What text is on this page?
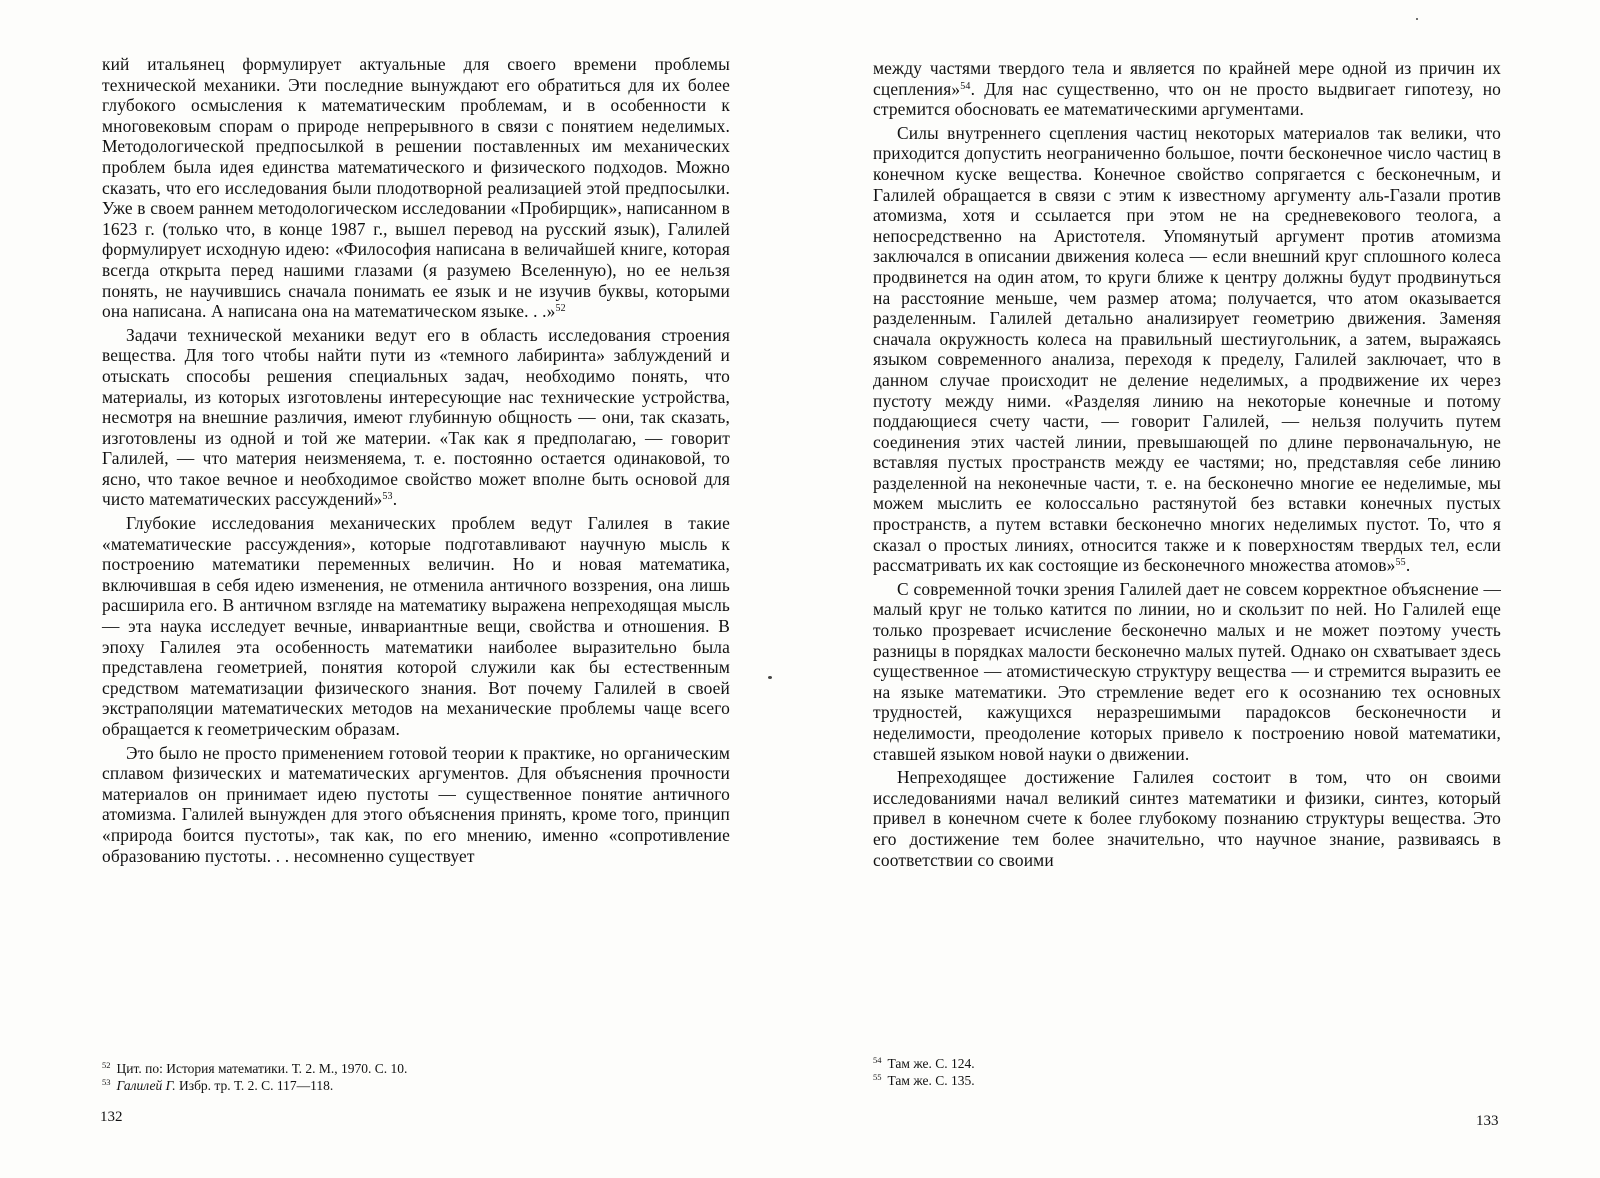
кий итальянец формулирует актуальные для своего времени проблемы технической механики. Эти последние вынуждают его обратиться для их более глубокого осмысления к математическим проблемам, и в особенности к многовековым спорам о природе непрерывного в связи с понятием неделимых. Методологической предпосылкой в решении поставленных им механических проблем была идея единства математического и физического подходов. Можно сказать, что его исследования были плодотворной реализацией этой предпосылки. Уже в своем раннем методологическом исследовании «Пробирщик», написанном в 1623 г. (только что, в конце 1987 г., вышел перевод на русский язык), Галилей формулирует исходную идею: «Философия написана в величайшей книге, которая всегда открыта перед нашими глазами (я разумею Вселенную), но ее нельзя понять, не научившись сначала понимать ее язык и не изучив буквы, которыми она написана. А написана она на математическом языке. . .»$^{52}$

Задачи технической механики ведут его в область исследования строения вещества. Для того чтобы найти пути из «темного лабиринта» заблуждений и отыскать способы решения специальных задач, необходимо понять, что материалы, из которых изготовлены интересующие нас технические устройства, несмотря на внешние различия, имеют глубинную общность — они, так сказать, изготовлены из одной и той же материи. «Так как я предполагаю, — говорит Галилей, — что материя неизменяема, т. е. постоянно остается одинаковой, то ясно, что такое вечное и необходимое свойство может вполне быть основой для чисто математических рассуждений»$^{53}$.

Глубокие исследования механических проблем ведут Галилея в такие «математические рассуждения», которые подготавливают научную мысль к построению математики переменных величин. Но и новая математика, включившая в себя идею изменения, не отменила античного воззрения, она лишь расширила его. В античном взгляде на математику выражена непреходящая мысль — эта наука исследует вечные, инвариантные вещи, свойства и отношения. В эпоху Галилея эта особенность математики наиболее выразительно была представлена геометрией, понятия которой служили как бы естественным средством математизации физического знания. Вот почему Галилей в своей экстраполяции математических методов на механические проблемы чаще всего обращается к геометрическим образам.

Это было не просто применением готовой теории к практике, но органическим сплавом физических и математических аргументов. Для объяснения прочности материалов он принимает идею пустоты — существенное понятие античного атомизма. Галилей вынужден для этого объяснения принять, кроме того, принцип «природа боится пустоты», так как, по его мнению, именно «сопротивление образованию пустоты. . . несомненно существует

$^{52}$ Цит. по: История математики. Т. 2. М., 1970. С. 10.
$^{53}$ Галилей Г. Избр. тр. Т. 2. С. 117—118.
132

между частями твердого тела и является по крайней мере одной из причин их сцепления»$^{54}$. Для нас существенно, что он не просто выдвигает гипотезу, но стремится обосновать ее математическими аргументами.

Силы внутреннего сцепления частиц некоторых материалов так велики, что приходится допустить неограниченно большое, почти бесконечное число частиц в конечном куске вещества. Конечное свойство сопрягается с бесконечным, и Галилей обращается в связи с этим к известному аргументу аль-Газали против атомизма, хотя и ссылается при этом не на средневекового теолога, а непосредственно на Аристотеля. Упомянутый аргумент против атомизма заключался в описании движения колеса — если внешний круг сплошного колеса продвинется на один атом, то круги ближе к центру должны будут продвинуться на расстояние меньше, чем размер атома; получается, что атом оказывается разделенным. Галилей детально анализирует геометрию движения. Заменяя сначала окружность колеса на правильный шестиугольник, а затем, выражаясь языком современного анализа, переходя к пределу, Галилей заключает, что в данном случае происходит не деление неделимых, а продвижение их через пустоту между ними. «Разделяя линию на некоторые конечные и потому поддающиеся счету части, — говорит Галилей, — нельзя получить путем соединения этих частей линии, превышающей по длине первоначальную, не вставляя пустых пространств между ее частями; но, представляя себе линию разделенной на неконечные части, т. е. на бесконечно многие ее неделимые, мы можем мыслить ее колоссально растянутой без вставки конечных пустых пространств, а путем вставки бесконечно многих неделимых пустот. То, что я сказал о простых линиях, относится также и к поверхностям твердых тел, если рассматривать их как состоящие из бесконечного множества атомов»$^{55}$.

С современной точки зрения Галилей дает не совсем корректное объяснение — малый круг не только катится по линии, но и скользит по ней. Но Галилей еще только прозревает исчисление бесконечно малых и не может поэтому учесть разницы в порядках малости бесконечно малых путей. Однако он схватывает здесь существенное — атомистическую структуру вещества — и стремится выразить ее на языке математики. Это стремление ведет его к осознанию тех основных трудностей, кажущихся неразрешимыми парадоксов бесконечности и неделимости, преодоление которых привело к построению новой математики, ставшей языком новой науки о движении.

Непреходящее достижение Галилея состоит в том, что он своими исследованиями начал великий синтез математики и физики, синтез, который привел в конечном счете к более глубокому познанию структуры вещества. Это его достижение тем более значительно, что научное знание, развиваясь в соответствии со своими

$^{54}$ Там же. С. 124.
$^{55}$ Там же. С. 135.
133
